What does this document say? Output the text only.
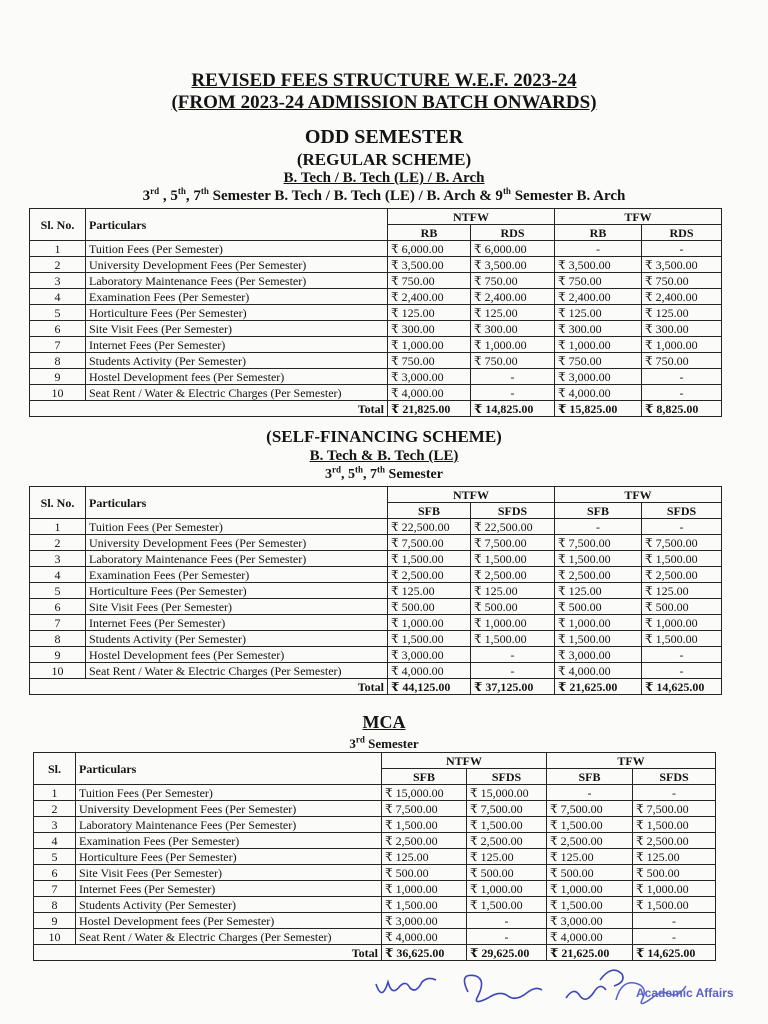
REVISED FEES STRUCTURE W.E.F. 2023-24
(FROM 2023-24 ADMISSION BATCH ONWARDS)
ODD SEMESTER
(REGULAR SCHEME)
B. Tech / B. Tech (LE) / B. Arch
3rd , 5th, 7th Semester B. Tech / B. Tech (LE) / B. Arch & 9th Semester B. Arch
Sl. No.	Particulars	NTFW		TFW	
		RB	RDS	RB	RDS
1	Tuition Fees (Per Semester)	₹ 6,000.00	₹ 6,000.00	-	-
2	University Development Fees (Per Semester)	₹ 3,500.00	₹ 3,500.00	₹ 3,500.00	₹ 3,500.00
3	Laboratory Maintenance Fees (Per Semester)	₹ 750.00	₹ 750.00	₹ 750.00	₹ 750.00
4	Examination Fees (Per Semester)	₹ 2,400.00	₹ 2,400.00	₹ 2,400.00	₹ 2,400.00
5	Horticulture Fees (Per Semester)	₹ 125.00	₹ 125.00	₹ 125.00	₹ 125.00
6	Site Visit Fees (Per Semester)	₹ 300.00	₹ 300.00	₹ 300.00	₹ 300.00
7	Internet Fees (Per Semester)	₹ 1,000.00	₹ 1,000.00	₹ 1,000.00	₹ 1,000.00
8	Students Activity (Per Semester)	₹ 750.00	₹ 750.00	₹ 750.00	₹ 750.00
9	Hostel Development fees (Per Semester)	₹ 3,000.00	-	₹ 3,000.00	-
10	Seat Rent / Water & Electric Charges (Per Semester)	₹ 4,000.00	-	₹ 4,000.00	-
Total		₹ 21,825.00	₹ 14,825.00	₹ 15,825.00	₹ 8,825.00
(SELF-FINANCING SCHEME)
B. Tech & B. Tech (LE)
3rd, 5th, 7th Semester
Sl. No.	Particulars	NTFW		TFW	
		SFB	SFDS	SFB	SFDS
1	Tuition Fees (Per Semester)	₹ 22,500.00	₹ 22,500.00	-	-
2	University Development Fees (Per Semester)	₹ 7,500.00	₹ 7,500.00	₹ 7,500.00	₹ 7,500.00
3	Laboratory Maintenance Fees (Per Semester)	₹ 1,500.00	₹ 1,500.00	₹ 1,500.00	₹ 1,500.00
4	Examination Fees (Per Semester)	₹ 2,500.00	₹ 2,500.00	₹ 2,500.00	₹ 2,500.00
5	Horticulture Fees (Per Semester)	₹ 125.00	₹ 125.00	₹ 125.00	₹ 125.00
6	Site Visit Fees (Per Semester)	₹ 500.00	₹ 500.00	₹ 500.00	₹ 500.00
7	Internet Fees (Per Semester)	₹ 1,000.00	₹ 1,000.00	₹ 1,000.00	₹ 1,000.00
8	Students Activity (Per Semester)	₹ 1,500.00	₹ 1,500.00	₹ 1,500.00	₹ 1,500.00
9	Hostel Development fees (Per Semester)	₹ 3,000.00	-	₹ 3,000.00	-
10	Seat Rent / Water & Electric Charges (Per Semester)	₹ 4,000.00	-	₹ 4,000.00	-
Total		₹ 44,125.00	₹ 37,125.00	₹ 21,625.00	₹ 14,625.00
MCA
3rd Semester
Sl.	Particulars	NTFW		TFW	
		SFB	SFDS	SFB	SFDS
1	Tuition Fees (Per Semester)	₹ 15,000.00	₹ 15,000.00	-	-
2	University Development Fees (Per Semester)	₹ 7,500.00	₹ 7,500.00	₹ 7,500.00	₹ 7,500.00
3	Laboratory Maintenance Fees (Per Semester)	₹ 1,500.00	₹ 1,500.00	₹ 1,500.00	₹ 1,500.00
4	Examination Fees (Per Semester)	₹ 2,500.00	₹ 2,500.00	₹ 2,500.00	₹ 2,500.00
5	Horticulture Fees (Per Semester)	₹ 125.00	₹ 125.00	₹ 125.00	₹ 125.00
6	Site Visit Fees (Per Semester)	₹ 500.00	₹ 500.00	₹ 500.00	₹ 500.00
7	Internet Fees (Per Semester)	₹ 1,000.00	₹ 1,000.00	₹ 1,000.00	₹ 1,000.00
8	Students Activity (Per Semester)	₹ 1,500.00	₹ 1,500.00	₹ 1,500.00	₹ 1,500.00
9	Hostel Development fees (Per Semester)	₹ 3,000.00	-	₹ 3,000.00	-
10	Seat Rent / Water & Electric Charges (Per Semester)	₹ 4,000.00	-	₹ 4,000.00	-
Total		₹ 36,625.00	₹ 29,625.00	₹ 21,625.00	₹ 14,625.00
Academic Affairs
